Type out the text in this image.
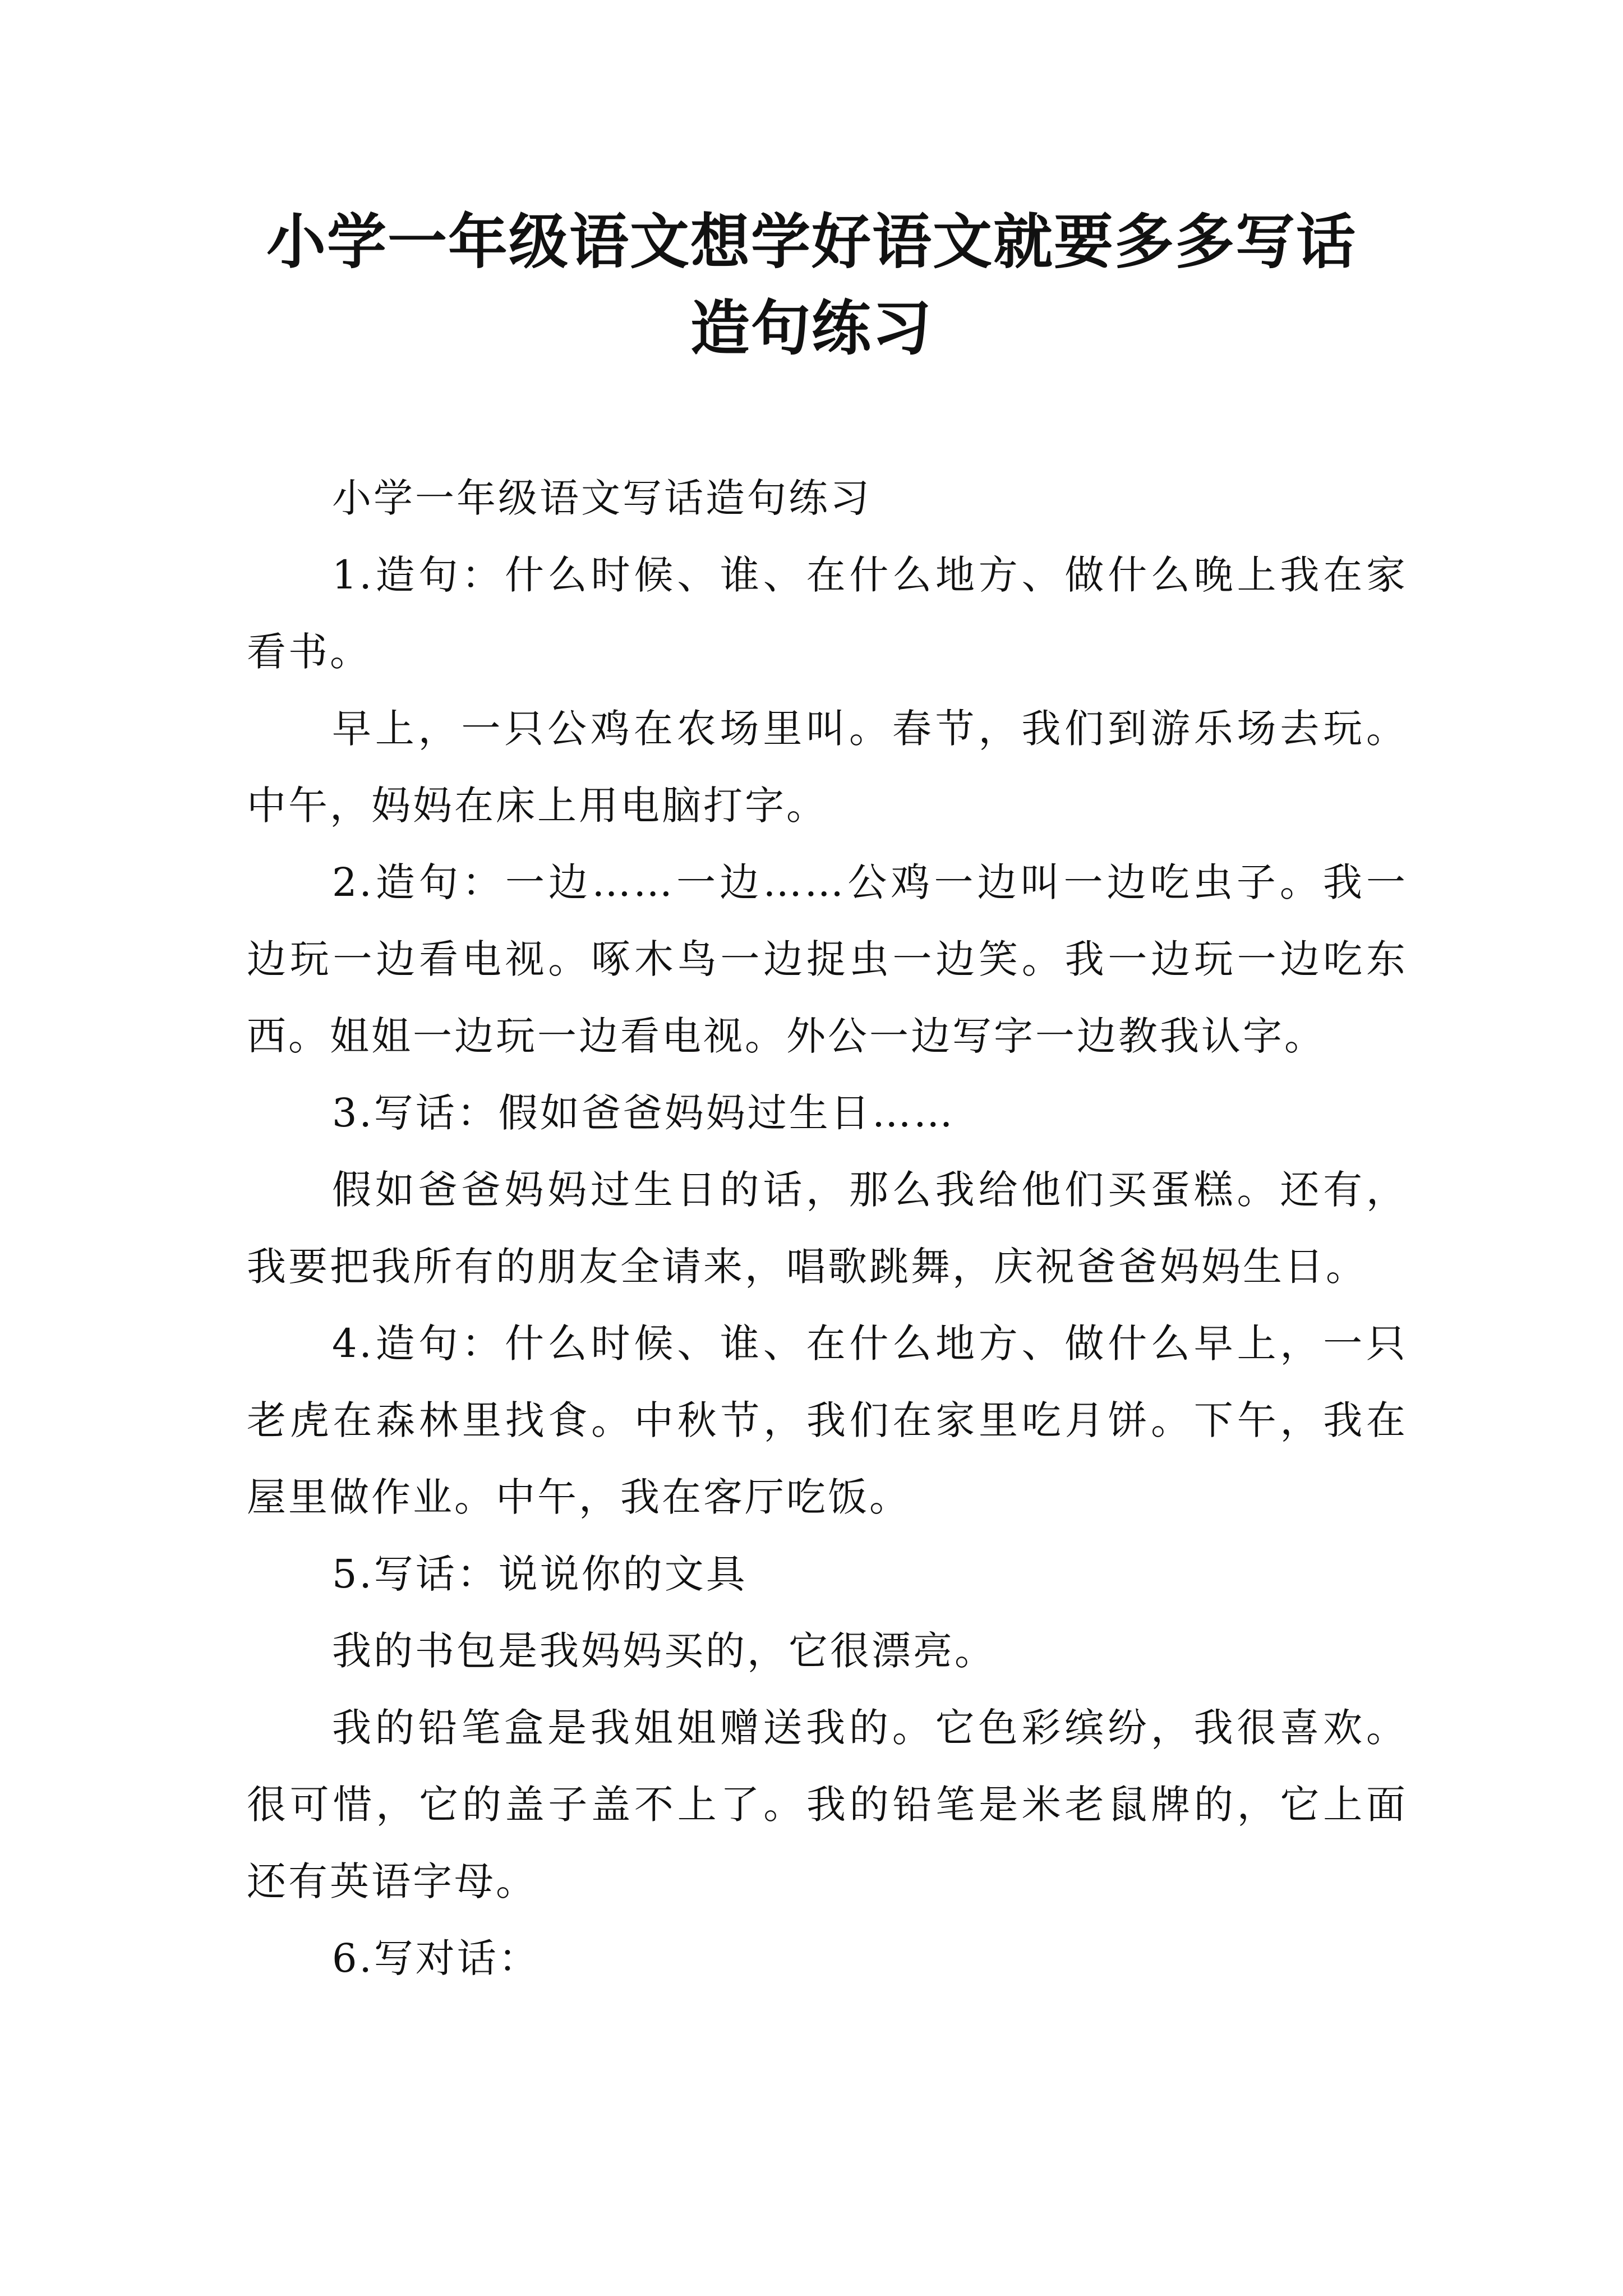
小学一年级语文想学好语文就要多多写话
造句练习

小学一年级语文写话造句练习

1.造句：什么时候、谁、在什么地方、做什么晚上我在家看书。

早上，一只公鸡在农场里叫。春节，我们到游乐场去玩。中午，妈妈在床上用电脑打字。

2.造句：一边……一边……公鸡一边叫一边吃虫子。我一边玩一边看电视。啄木鸟一边捉虫一边笑。我一边玩一边吃东西。姐姐一边玩一边看电视。外公一边写字一边教我认字。

3.写话：假如爸爸妈妈过生日……

假如爸爸妈妈过生日的话，那么我给他们买蛋糕。还有，我要把我所有的朋友全请来，唱歌跳舞，庆祝爸爸妈妈生日。

4.造句：什么时候、谁、在什么地方、做什么早上，一只老虎在森林里找食。中秋节，我们在家里吃月饼。下午，我在屋里做作业。中午，我在客厅吃饭。

5.写话：说说你的文具

我的书包是我妈妈买的，它很漂亮。

我的铅笔盒是我姐姐赠送我的。它色彩缤纷，我很喜欢。很可惜，它的盖子盖不上了。我的铅笔是米老鼠牌的，它上面还有英语字母。

6.写对话：
